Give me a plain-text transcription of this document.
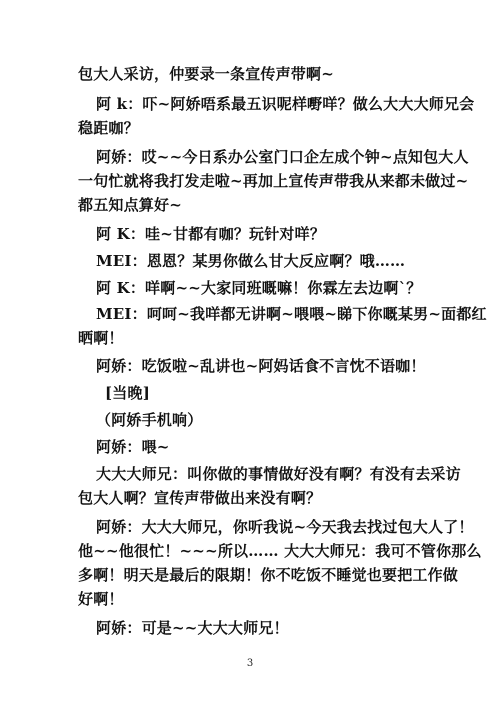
包大人采访，仲要录一条宣传声带啊~
阿 k：吓~阿娇唔系最五识呢样嘢咩？做么大大大师兄会
稳距咖？
阿娇：哎~~今日系办公室门口企左成个钟~点知包大人
一句忙就将我打发走啦~再加上宣传声带我从来都未做过~
都五知点算好~
阿 K：哇~甘都有咖？玩针对咩？
MEI：恩恩？某男你做么甘大反应啊？哦……
阿 K：咩啊~~大家同班嘅嘛！你霖左去边啊`？
MEI：呵呵~我咩都无讲啊~喂喂~睇下你嘅某男~面都红
晒啊！
阿娇：吃饭啦~乱讲也~阿妈话食不言忱不语咖！
[当晚]
（阿娇手机响）
阿娇：喂~
大大大师兄：叫你做的事情做好没有啊？有没有去采访
包大人啊？宣传声带做出来没有啊？
阿娇：大大大师兄，你听我说~今天我去找过包大人了！
他~~他很忙！~~~所以…… 大大大师兄：我可不管你那么
多啊！明天是最后的限期！你不吃饭不睡觉也要把工作做
好啊！
阿娇：可是~~大大大师兄！
3
